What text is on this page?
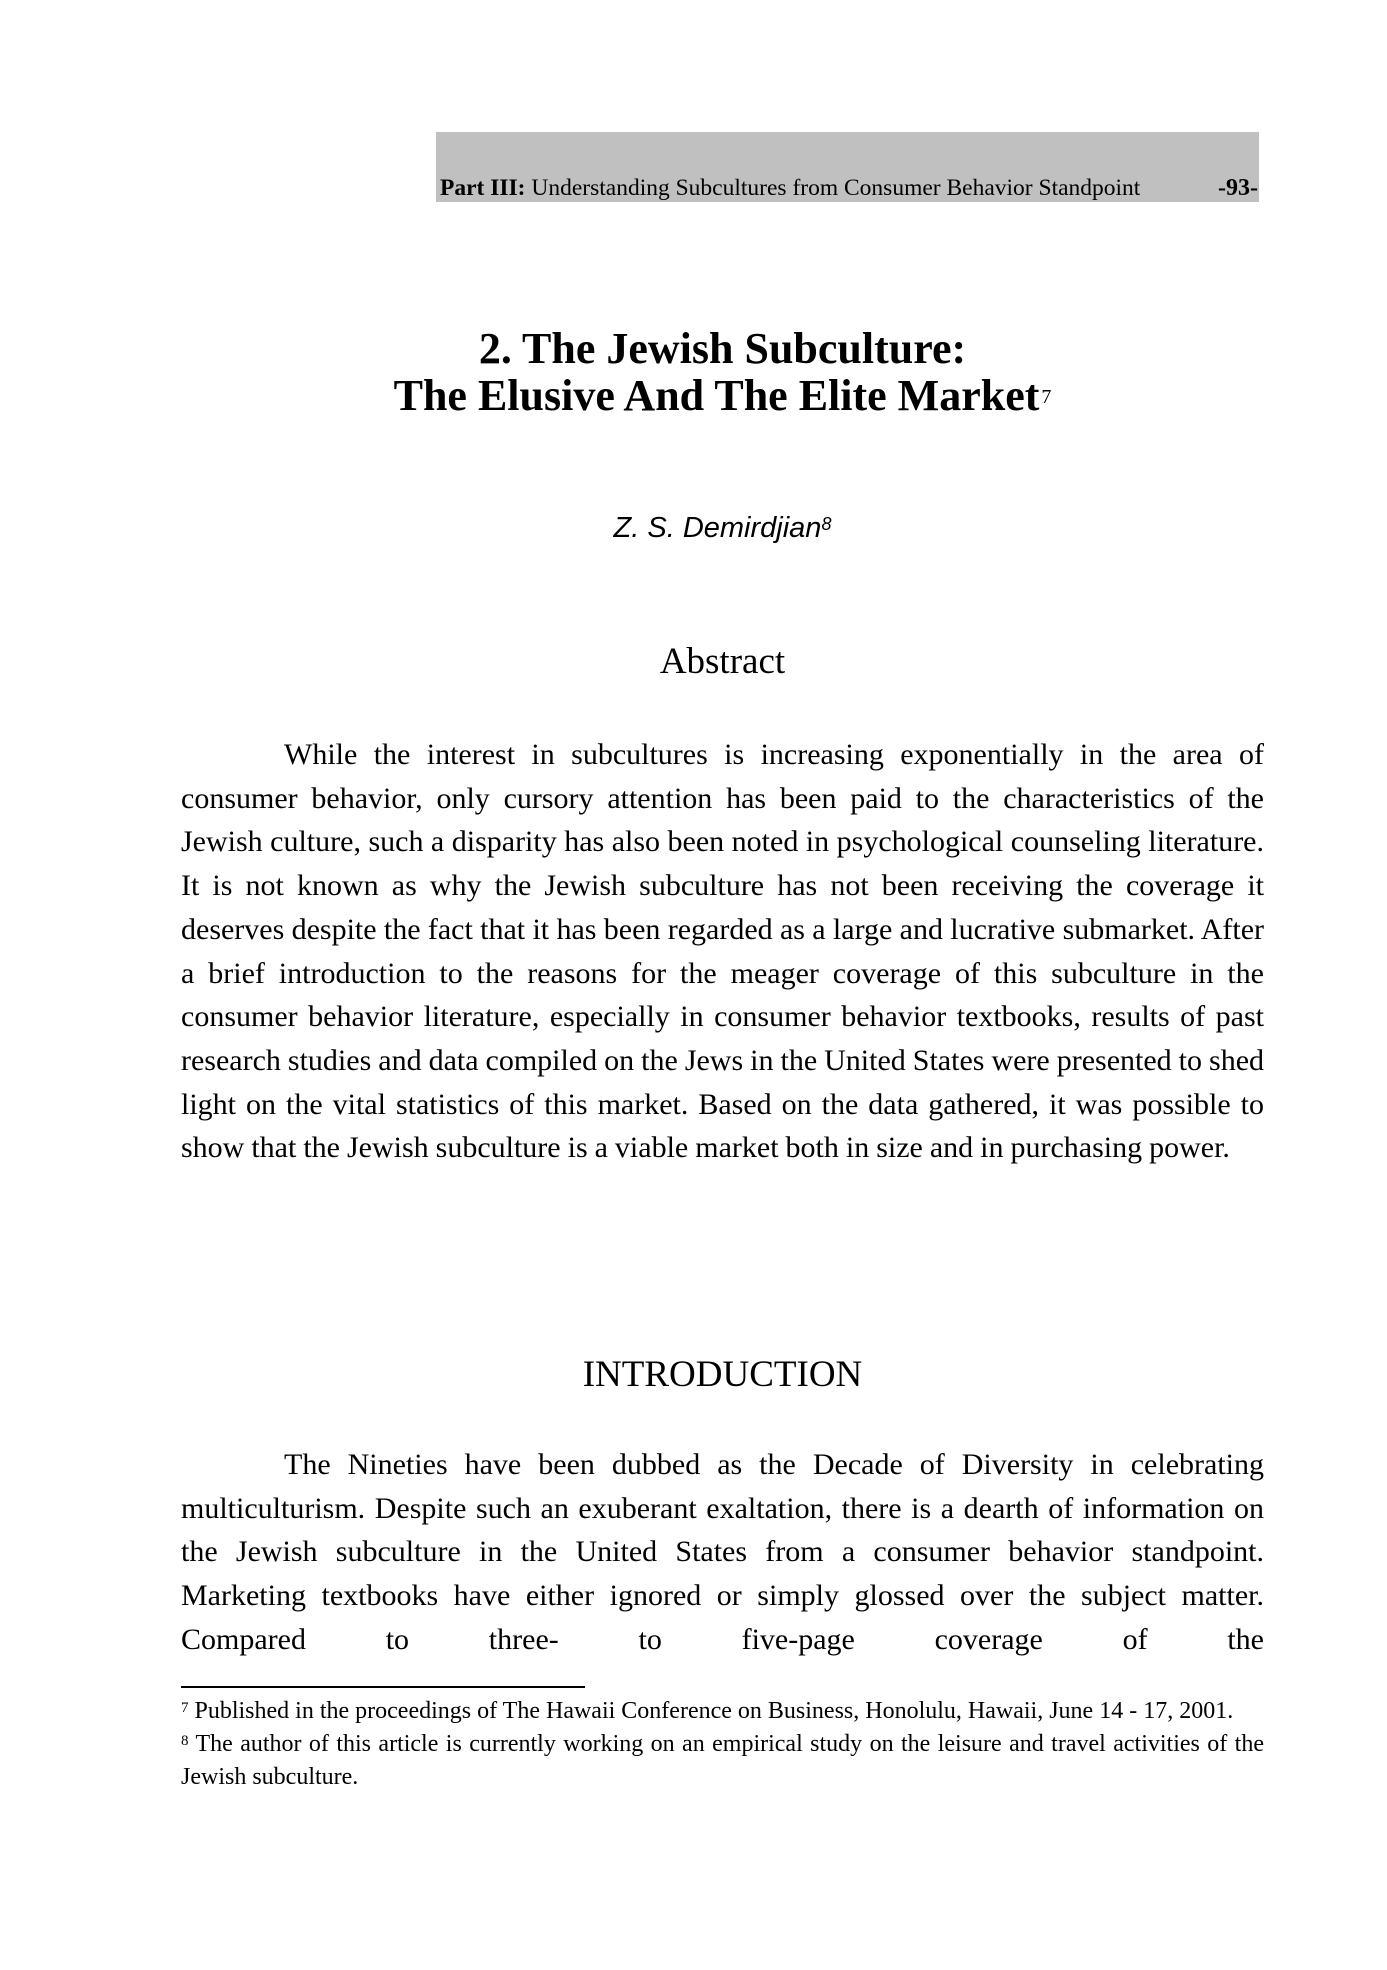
Part III: Understanding Subcultures from Consumer Behavior Standpoint	-93-
2. The Jewish Subculture:
The Elusive And The Elite Market $^7$
Z. S. Demirdjian$^8$
Abstract
While the interest in subcultures is increasing exponentially in the area of consumer behavior, only cursory attention has been paid to the characteristics of the Jewish culture, such a disparity has also been noted in psychological counseling literature. It is not known as why the Jewish subculture has not been receiving the coverage it deserves despite the fact that it has been regarded as a large and lucrative submarket. After a brief introduction to the reasons for the meager coverage of this subculture in the consumer behavior literature, especially in consumer behavior textbooks, results of past research studies and data compiled on the Jews in the United States were presented to shed light on the vital statistics of this market. Based on the data gathered, it was possible to show that the Jewish subculture is a viable market both in size and in purchasing power.
INTRODUCTION
The Nineties have been dubbed as the Decade of Diversity in celebrating multiculturism. Despite such an exuberant exaltation, there is a dearth of information on the Jewish subculture in the United States from a consumer behavior standpoint. Marketing textbooks have either ignored or simply glossed over the subject matter. Compared to three- to five-page coverage of the
$^7$ Published in the proceedings of The Hawaii Conference on Business, Honolulu, Hawaii, June 14 - 17, 2001.
$^8$ The author of this article is currently working on an empirical study on the leisure and travel activities of the Jewish subculture.
